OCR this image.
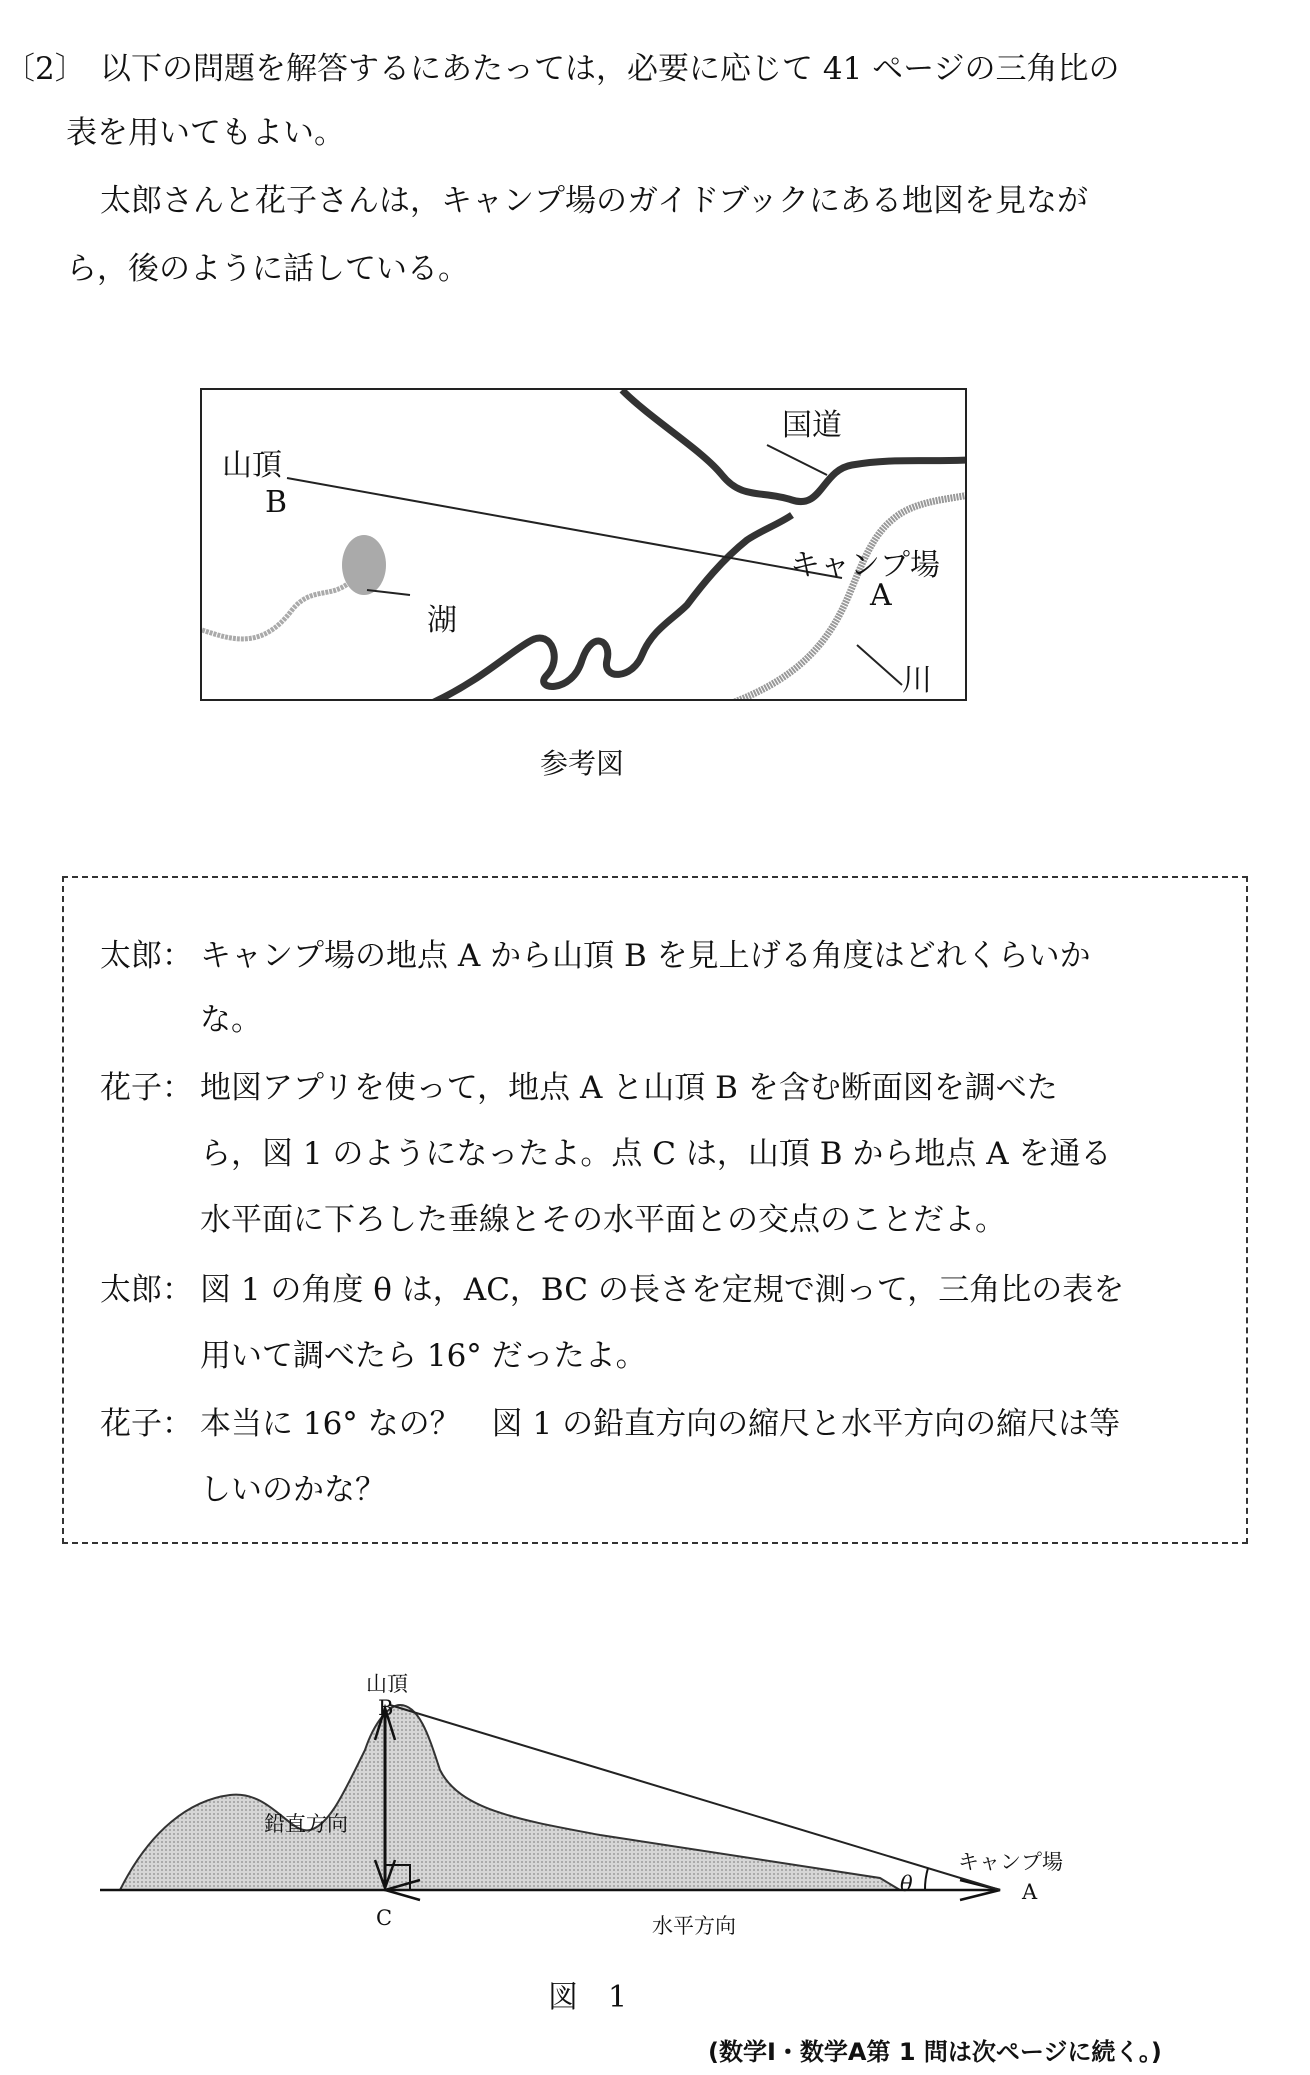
〔2〕 以下の問題を解答するにあたっては，必要に応じて 41 ページの三角比の
表を用いてもよい。
太郎さんと花子さんは，キャンプ場のガイドブックにある地図を見なが
ら，後のように話している。
国道
山頂
B
キャンプ場
A
湖
川
参考図
太郎： キャンプ場の地点 A から山頂 B を見上げる角度はどれくらいか
な。
花子： 地図アプリを使って，地点 A と山頂 B を含む断面図を調べた
ら，図 1 のようになったよ。点 C は，山頂 B から地点 A を通る
水平面に下ろした垂線とその水平面との交点のことだよ。
太郎： 図 1 の角度 θ は，AC，BC の長さを定規で測って，三角比の表を
用いて調べたら 16° だったよ。
花子： 本当に 16° なの？　図 1 の鉛直方向の縮尺と水平方向の縮尺は等
しいのかな？
山頂
B
鉛直方向
キャンプ場
θ	A
C	水平方向
図　1
(数学Ⅰ・数学A第 1 問は次ページに続く。)
